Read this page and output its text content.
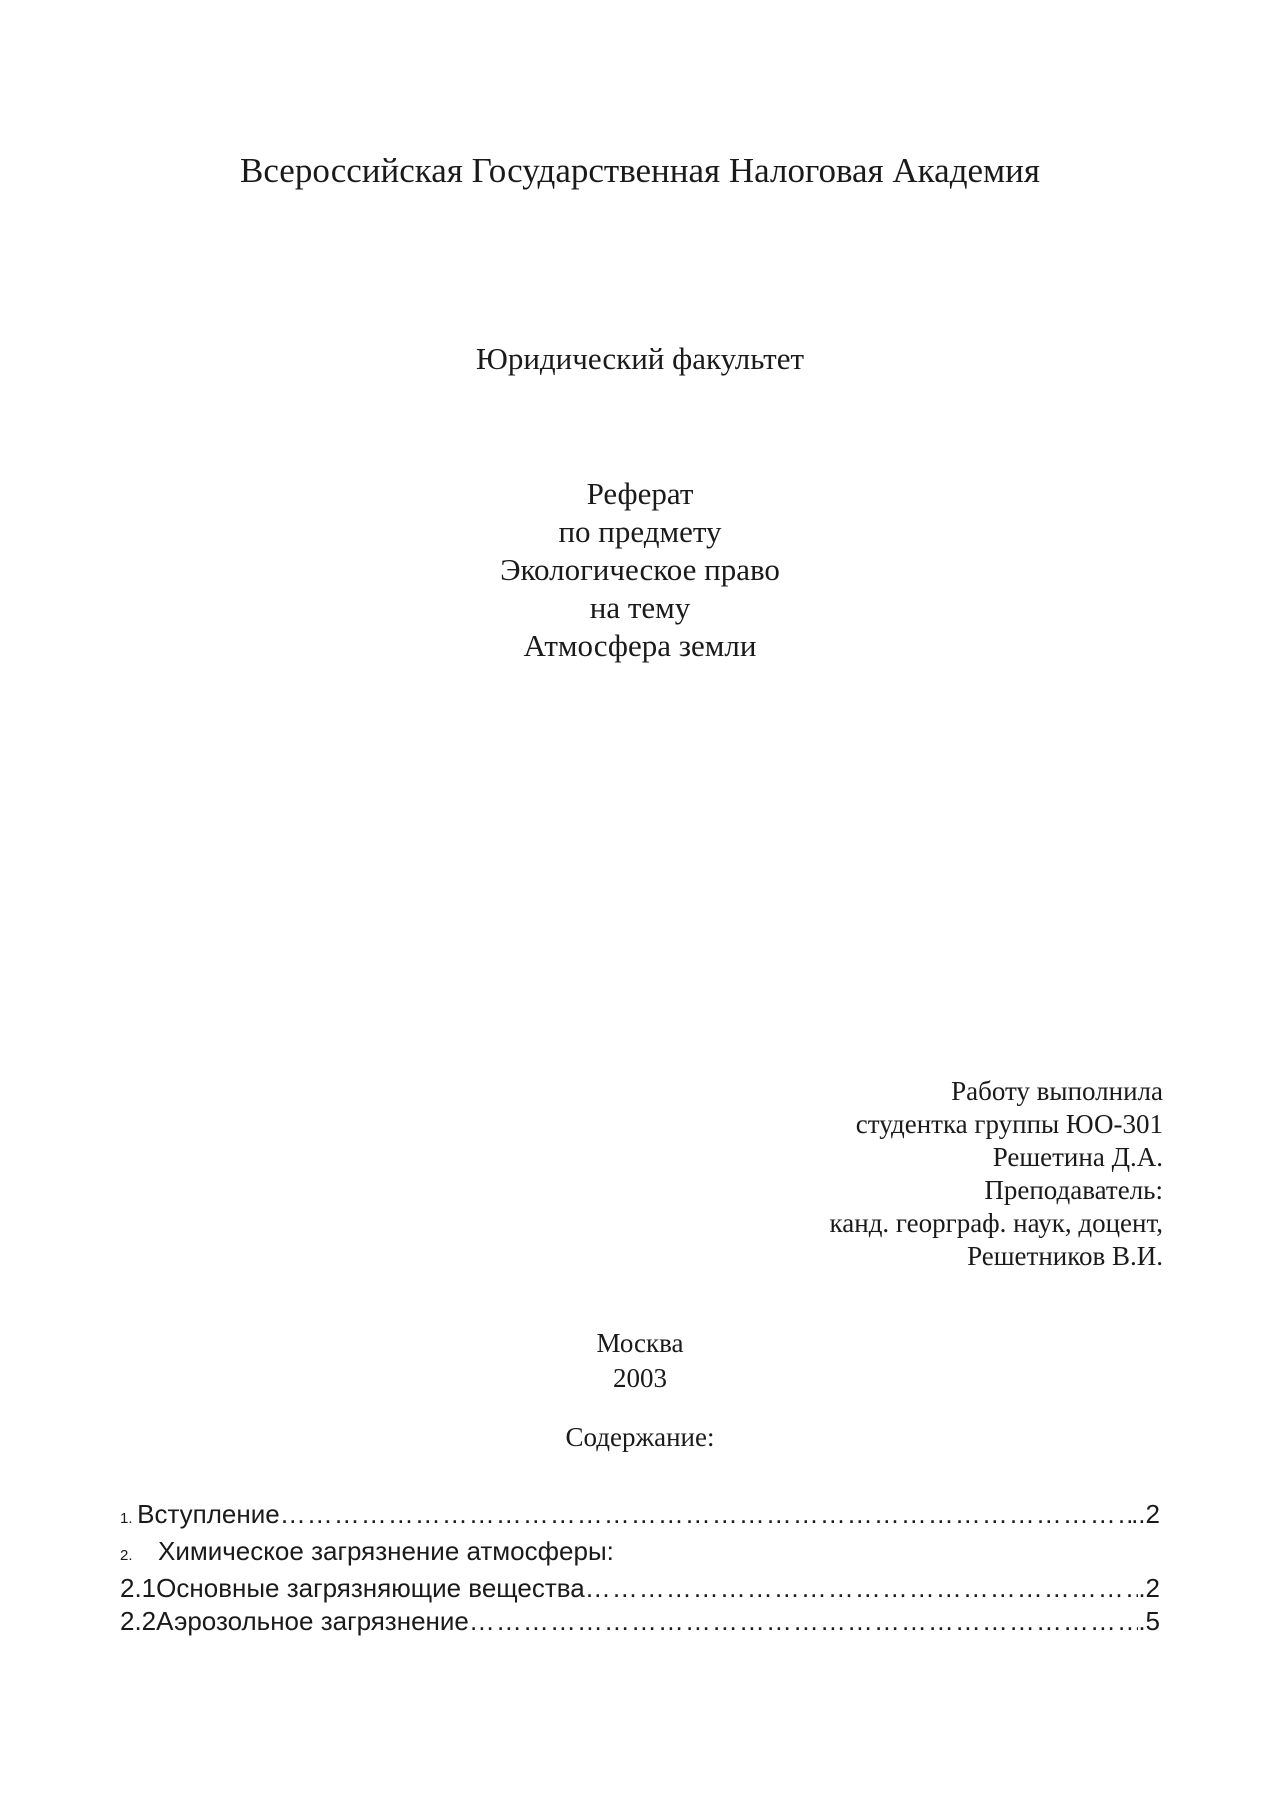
Всероссийская Государственная Налоговая Академия
Юридический факультет
Реферат
по предмету
Экологическое право
на тему
Атмосфера земли
Работу выполнила
студентка группы ЮО-301
Решетина Д.А.
Преподаватель:
канд. георграф. наук, доцент,
Решетников В.И.
Москва
2003
Содержание:
1. Вступление …………………………………………………………………………………………………………………………………………………………………………………………	..2
2. Химическое загрязнение атмосферы:
2.1 Основные загрязняющие вещества …………………………………………………………………………………………………………………………………………………………………………………………	.2
2.2 Аэрозольное загрязнение …………………………………………………………………………………………………………………………………………………………………………………………	.5
